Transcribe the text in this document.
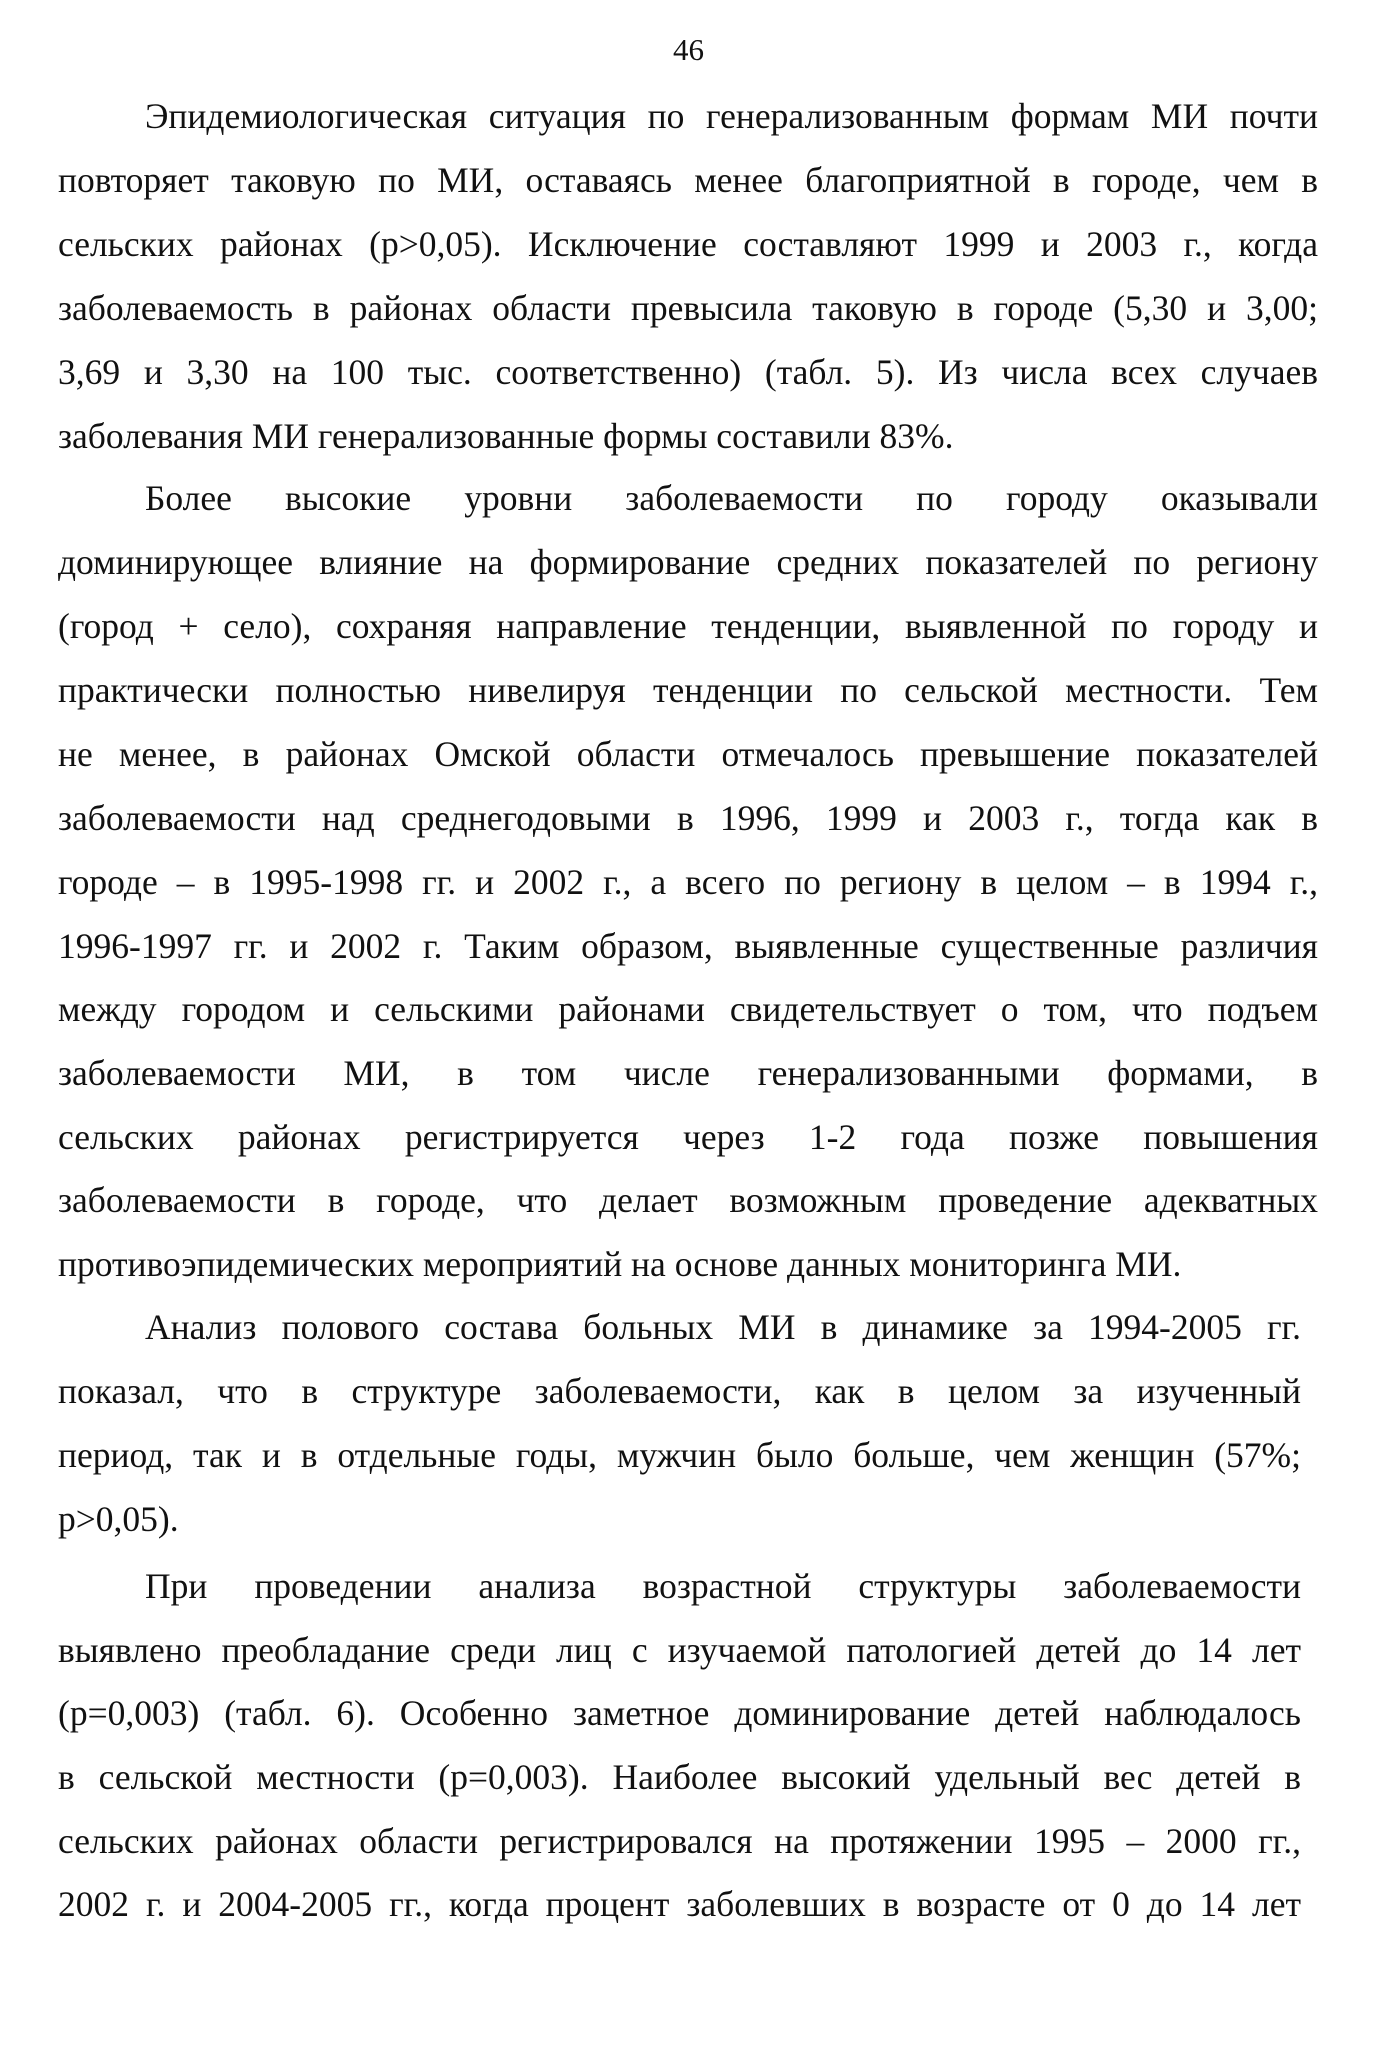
46
Эпидемиологическая ситуация по генерализованным формам МИ почти
повторяет таковую по МИ, оставаясь менее благоприятной в городе, чем в
сельских районах (р>0,05). Исключение составляют 1999 и 2003 г., когда
заболеваемость в районах области превысила таковую в городе (5,30 и 3,00;
3,69 и 3,30 на 100 тыс. соответственно) (табл. 5). Из числа всех случаев
заболевания МИ генерализованные формы составили 83%.
Более высокие уровни заболеваемости по городу оказывали
доминирующее влияние на формирование средних показателей по региону
(город + село), сохраняя направление тенденции, выявленной по городу и
практически полностью нивелируя тенденции по сельской местности. Тем
не менее, в районах Омской области отмечалось превышение показателей
заболеваемости над среднегодовыми в 1996, 1999 и 2003 г., тогда как в
городе – в 1995-1998 гг. и 2002 г., а всего по региону в целом – в 1994 г.,
1996-1997 гг. и 2002 г. Таким образом, выявленные существенные различия
между городом и сельскими районами свидетельствует о том, что подъем
заболеваемости МИ, в том числе генерализованными формами, в
сельских районах регистрируется через 1-2 года позже повышения
заболеваемости в городе, что делает возможным проведение адекватных
противоэпидемических мероприятий на основе данных мониторинга МИ.
Анализ полового состава больных МИ в динамике за 1994-2005 гг.
показал, что в структуре заболеваемости, как в целом за изученный
период, так и в отдельные годы, мужчин было больше, чем женщин (57%;
р>0,05).
При проведении анализа возрастной структуры заболеваемости
выявлено преобладание среди лиц с изучаемой патологией детей до 14 лет
(р=0,003) (табл. 6). Особенно заметное доминирование детей наблюдалось
в сельской местности (р=0,003). Наиболее высокий удельный вес детей в
сельских районах области регистрировался на протяжении 1995 – 2000 гг.,
2002 г. и 2004-2005 гг., когда процент заболевших в возрасте от 0 до 14 лет
